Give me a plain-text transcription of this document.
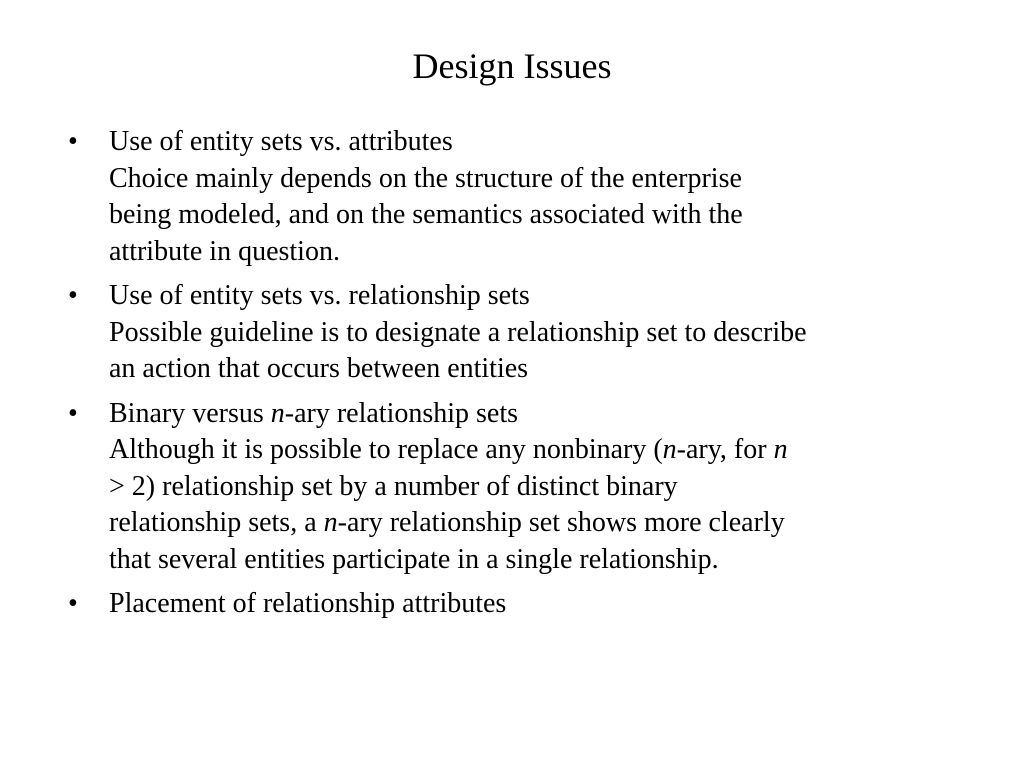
Design Issues
•	Use of entity sets vs. attributes
Choice mainly depends on the structure of the enterprise
being modeled, and on the semantics associated with the
attribute in question.
•	Use of entity sets vs. relationship sets
Possible guideline is to designate a relationship set to describe
an action that occurs between entities
•	Binary versus n-ary relationship sets
Although it is possible to replace any nonbinary (n-ary, for n
> 2) relationship set by a number of distinct binary
relationship sets, a n-ary relationship set shows more clearly
that several entities participate in a single relationship.
•	Placement of relationship attributes
